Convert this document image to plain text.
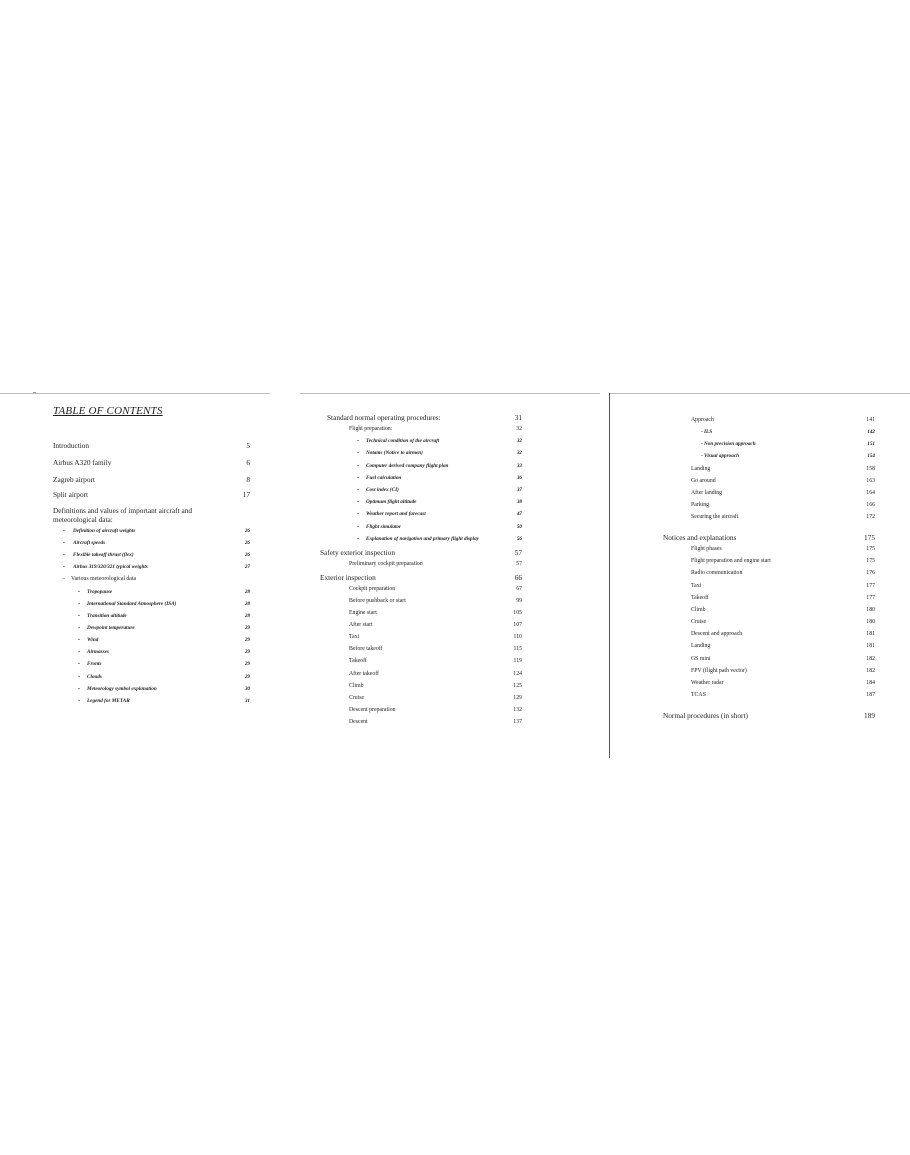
TABLE OF CONTENTS
Introduction	5
Airbus A320 family	6
Zagreb airport	8
Split airport	17
Definitions and values of important aircraft and meteorological data:
- Definition of aircraft weights	26
- Aircraft speeds	26
- Flexible takeoff thrust (flex)	26
- Airbus 319/320/321 typical weights	27
- Various meteorological data
- Tropopause	28
- International Standard Atmosphere (ISA)	28
- Transition altitude	28
- Dewpoint temperature	29
- Wind	29
- Airmasses	29
- Fronts	29
- Clouds	29
- Meteorology symbol explanation	30
- Legend for METAR	31
Standard normal operating procedures:	31
Flight preparation:	32
- Technical condition of the aircraft	32
- Notams (Notice to airmen)	32
- Computer derived company flight plan	33
- Fuel calculation	36
- Cost index (CI)	37
- Optimum flight altitude	38
- Weather report and forecast	47
- Flight simulator	50
- Explanation of navigation and primary flight display	56
Safety exterior inspection	57
Preliminary cockpit preparation	57
Exterior inspection	66
Cockpit preparation	67
Before pushback or start	99
Engine start	105
After start	107
Taxi	110
Before takeoff	115
Takeoff	119
After takeoff	124
Climb	125
Cruise	129
Descent preparation	132
Descent	137
Approach	141
- ILS	142
- Non precision approach	151
- Visual approach	154
Landing	158
Go around	163
After landing	164
Parking	166
Securing the aircraft	172
Notices and explanations	175
Flight phases	175
Flight preparation and engine start	175
Radio communication	176
Taxi	177
Takeoff	177
Climb	180
Cruise	180
Descent and approach	181
Landing	181
GS mini	182
FPV (flight path vector)	182
Weather radar	184
TCAS	187
Normal procedures (in short)	189
